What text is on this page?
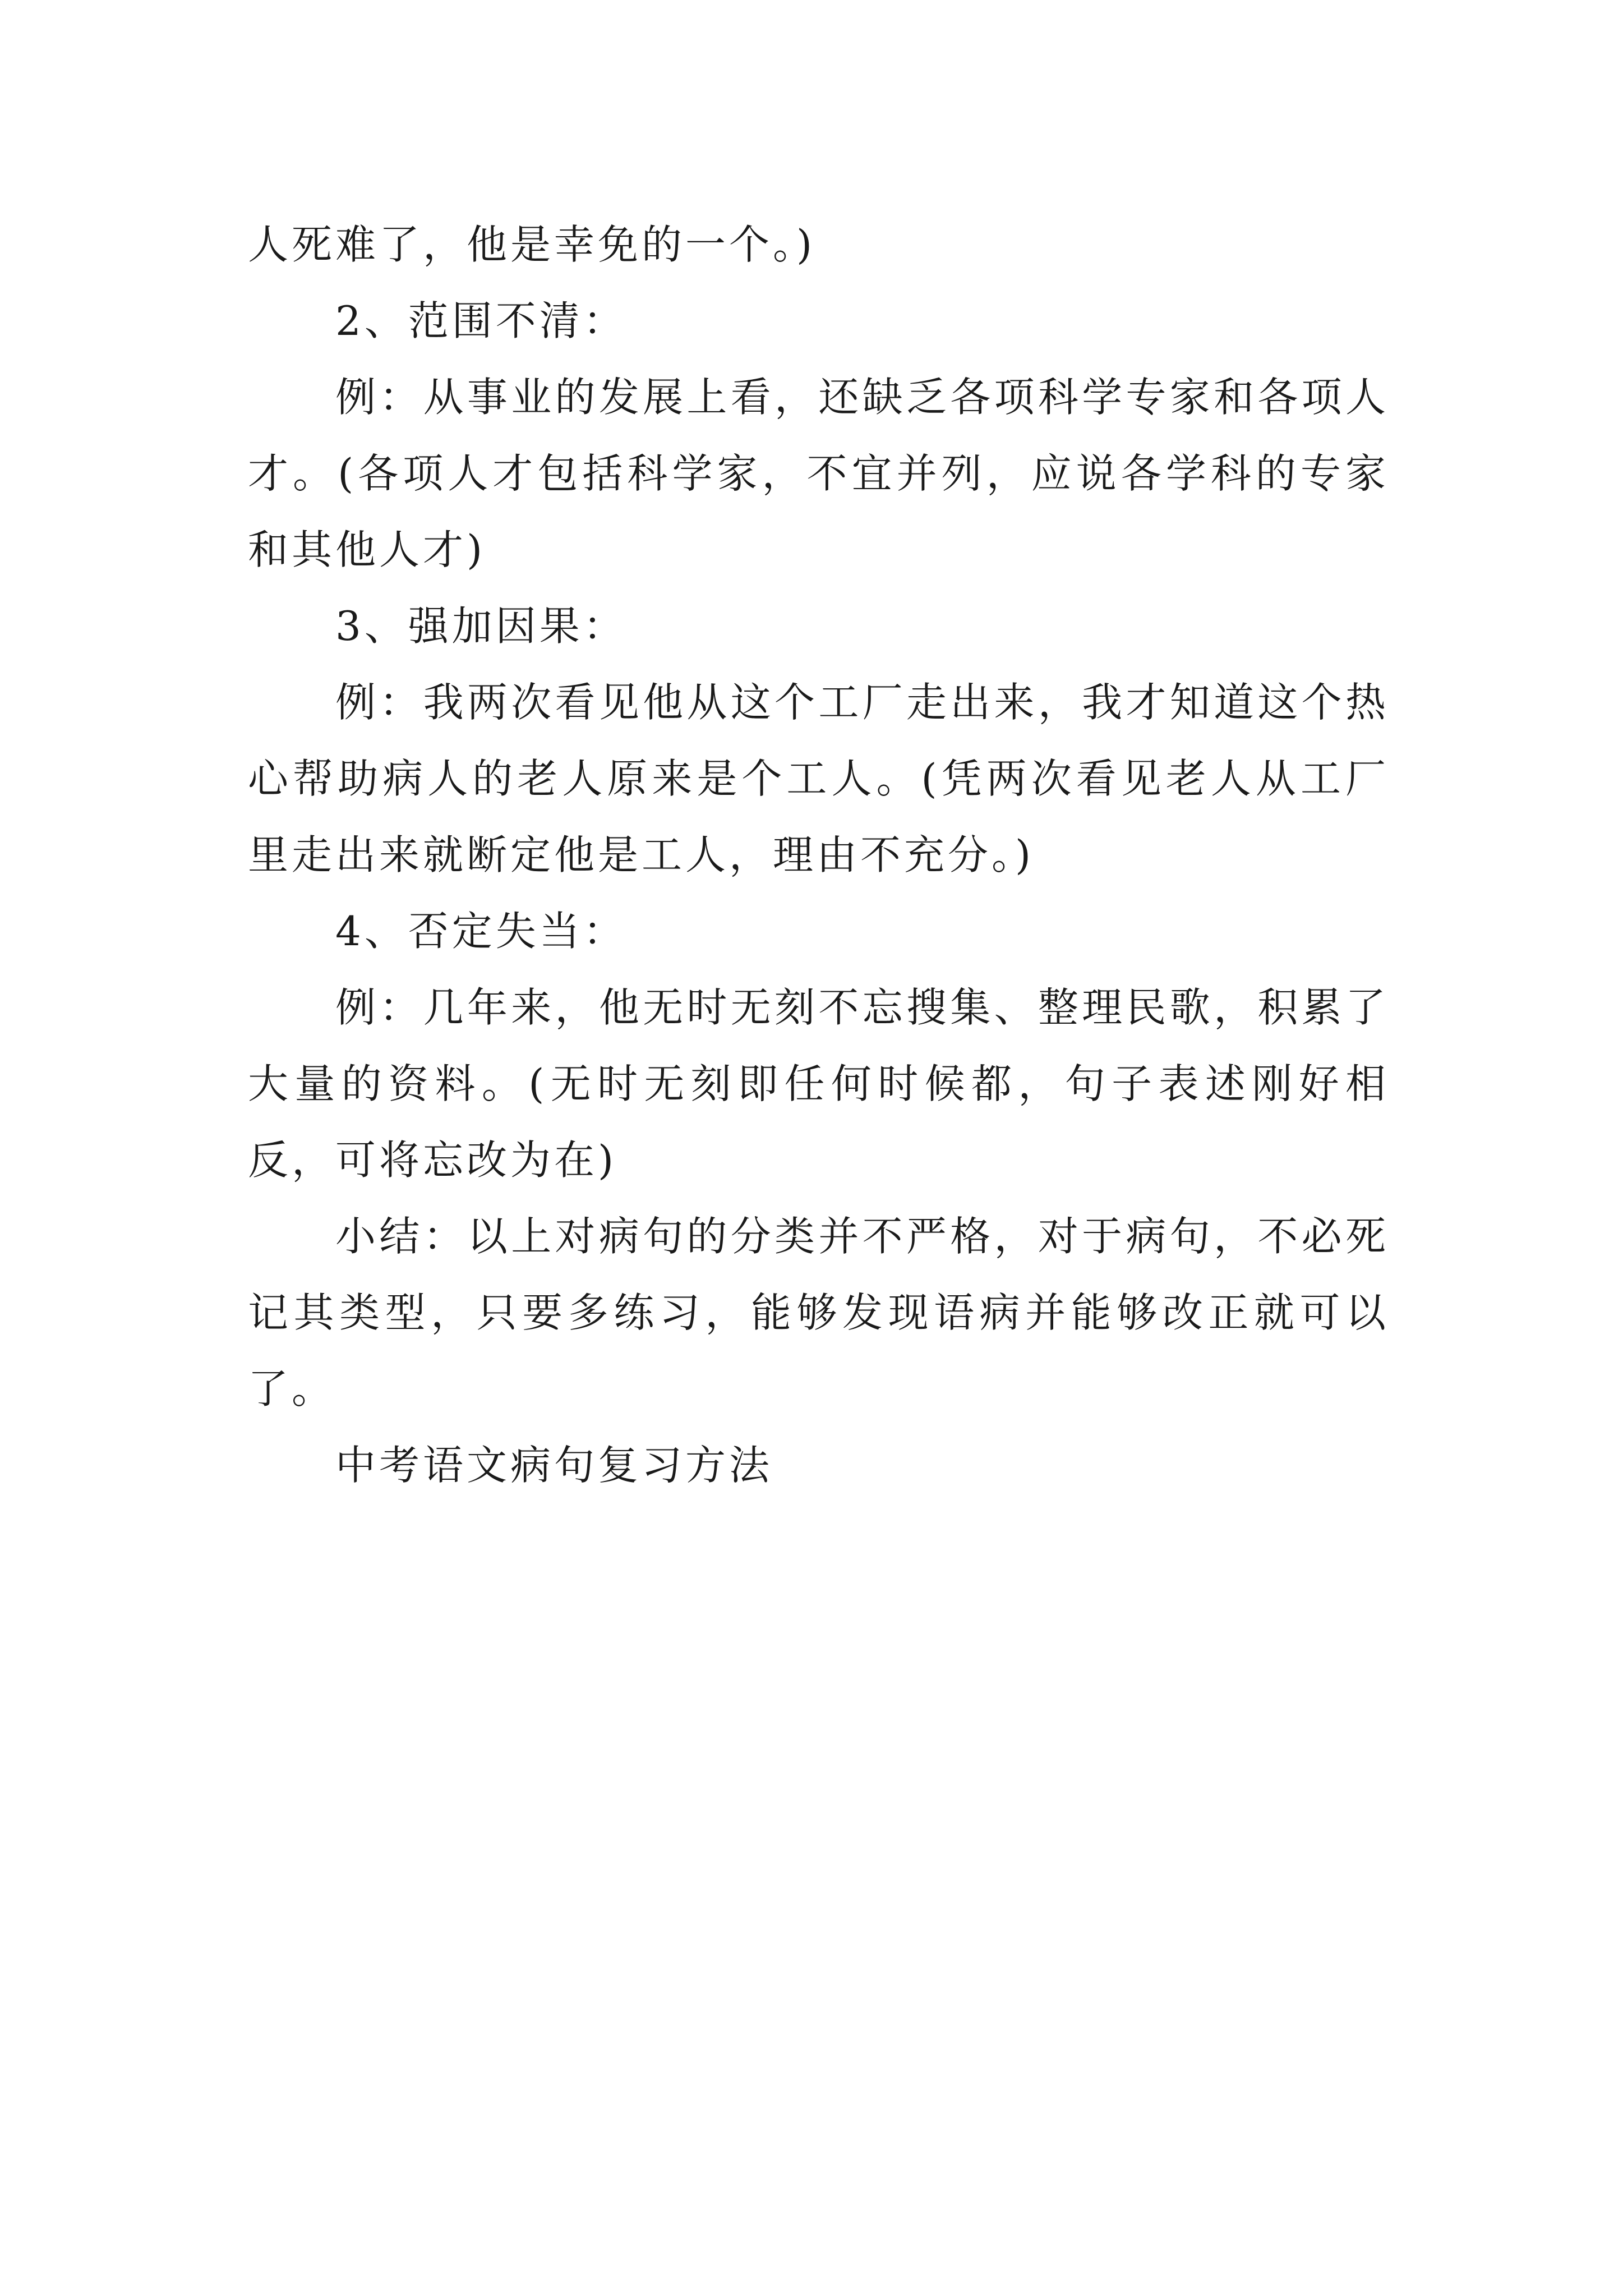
人死难了，他是幸免的一个。)

2、范围不清：

例：从事业的发展上看，还缺乏各项科学专家和各项人才。(各项人才包括科学家，不宜并列，应说各学科的专家和其他人才)

3、强加因果：

例：我两次看见他从这个工厂走出来，我才知道这个热心帮助病人的老人原来是个工人。(凭两次看见老人从工厂里走出来就断定他是工人，理由不充分。)

4、否定失当：

例：几年来，他无时无刻不忘搜集、整理民歌，积累了大量的资料。(无时无刻即任何时候都，句子表述刚好相反，可将忘改为在)

小结：以上对病句的分类并不严格，对于病句，不必死记其类型，只要多练习，能够发现语病并能够改正就可以了。

中考语文病句复习方法
